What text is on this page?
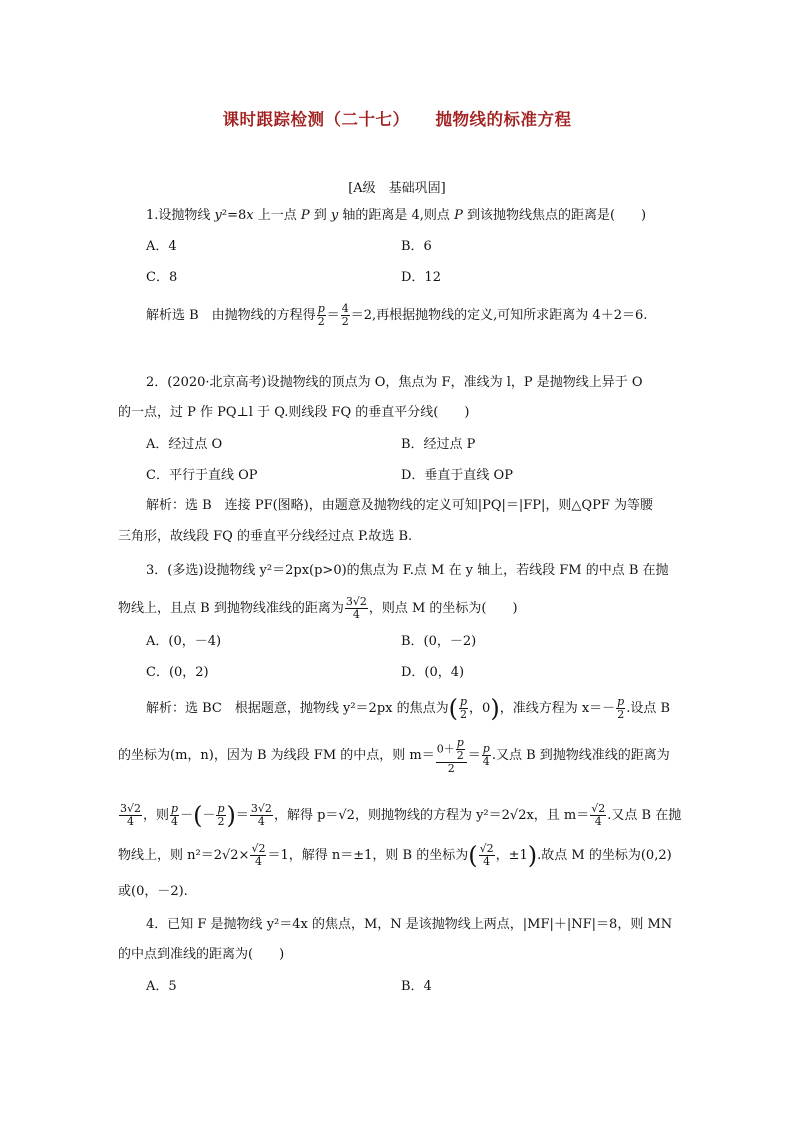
课时跟踪检测（二十七） 抛物线的标准方程
[A级　基础巩固]
1.设抛物线 y²=8x 上一点 P 到 y 轴的距离是 4,则点 P 到该抛物线焦点的距离是(　　)
A．4	B．6
C．8	D．12
解析选 B　由抛物线的方程得 $\frac{p}{2} = \frac{4}{2} =2$,再根据抛物线的定义,可知所求距离为 4＋2＝6.
2．(2020·北京高考)设抛物线的顶点为 O，焦点为 F，准线为 l，P 是抛物线上异于 O
的一点，过 P 作 PQ⊥l 于 Q.则线段 FQ 的垂直平分线(　　)
A．经过点 O	B．经过点 P
C．平行于直线 OP	D．垂直于直线 OP
解析：选 B　连接 PF(图略)，由题意及抛物线的定义可知|PQ|＝|FP|，则△QPF 为等腰
三角形，故线段 FQ 的垂直平分线经过点 P.故选 B.
3．(多选)设抛物线 y²＝2px(p>0)的焦点为 F.点 M 在 y 轴上，若线段 FM 的中点 B 在抛
物线上，且点 B 到抛物线准线的距离为 $\frac{3√2}{4}$ ，则点 M 的坐标为(　　)
A．(0，－4)	B．(0，－2)
C．(0，2)	D．(0，4)
解析：选 BC　根据题意，抛物线 y²＝2px 的焦点为( $\frac{p}{2}$ ，0)，准线方程为 $x=- \frac{p}{2}$ .设点 B
的坐标为(m，n)，因为 B 为线段 FM 的中点，则 $m= \frac{0+ \frac{p}{2}}{2} = \frac{p}{4}$ .又点 B 到抛物线准线的距离为
$\frac{3√2}{4}$ ，则 $\frac{p}{4}$ －(－ $\frac{p}{2}$ )＝ $\frac{3√2}{4}$ ，解得 p＝√2，则抛物线的方程为 y²＝2√2x，且 $m= \frac{√2}{4}$ .又点 B 在抛
物线上，则 $n^2=2√2\times \frac{√2}{4} =1$，解得 n＝±1，则 B 的坐标为( $\frac{√2}{4}$ ，±1).故点 M 的坐标为(0,2)
或(0，－2).
4．已知 F 是抛物线 y²＝4x 的焦点，M，N 是该抛物线上两点，|MF|＋|NF|＝8，则 MN
的中点到准线的距离为(　　)
A．5	B．4
